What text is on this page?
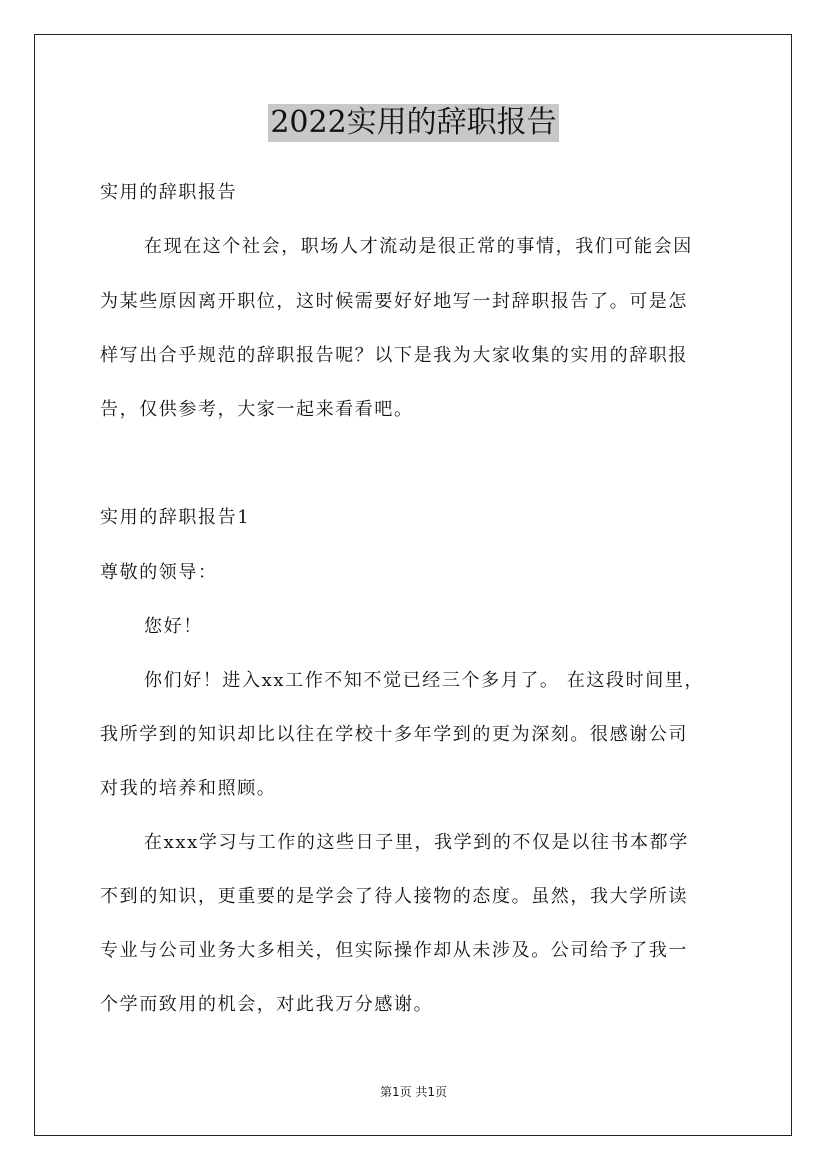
2022实用的辞职报告
实用的辞职报告
在现在这个社会，职场人才流动是很正常的事情，我们可能会因
为某些原因离开职位，这时候需要好好地写一封辞职报告了。可是怎
样写出合乎规范的辞职报告呢？以下是我为大家收集的实用的辞职报
告，仅供参考，大家一起来看看吧。
实用的辞职报告1
尊敬的领导：
您好！
你们好！进入xx工作不知不觉已经三个多月了。 在这段时间里，
我所学到的知识却比以往在学校十多年学到的更为深刻。很感谢公司
对我的培养和照顾。
在xxx学习与工作的这些日子里，我学到的不仅是以往书本都学
不到的知识，更重要的是学会了待人接物的态度。虽然，我大学所读
专业与公司业务大多相关，但实际操作却从未涉及。公司给予了我一
个学而致用的机会，对此我万分感谢。
第1页 共1页
